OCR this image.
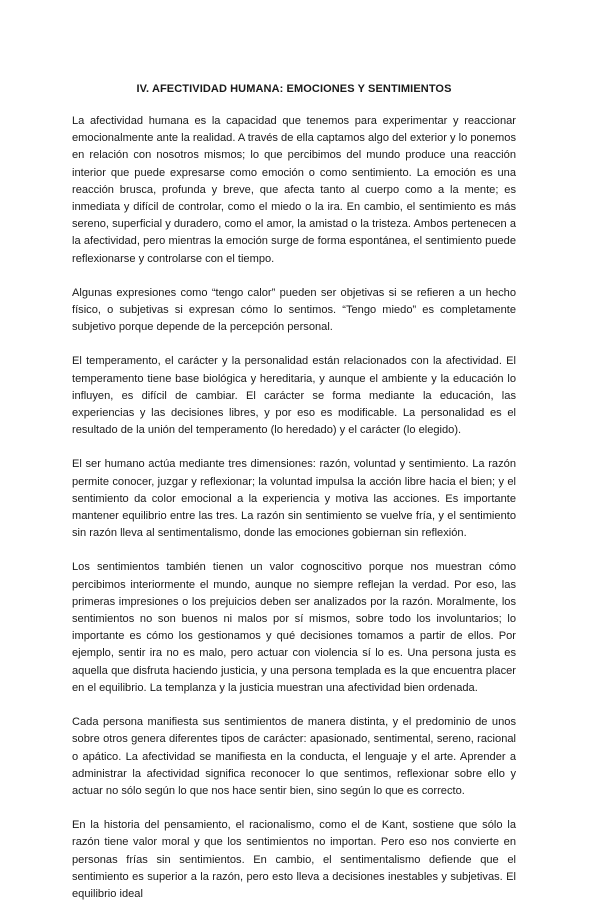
IV. AFECTIVIDAD HUMANA: EMOCIONES Y SENTIMIENTOS

La afectividad humana es la capacidad que tenemos para experimentar y reaccionar emocionalmente ante la realidad. A través de ella captamos algo del exterior y lo ponemos en relación con nosotros mismos; lo que percibimos del mundo produce una reacción interior que puede expresarse como emoción o como sentimiento. La emoción es una reacción brusca, profunda y breve, que afecta tanto al cuerpo como a la mente; es inmediata y difícil de controlar, como el miedo o la ira. En cambio, el sentimiento es más sereno, superficial y duradero, como el amor, la amistad o la tristeza. Ambos pertenecen a la afectividad, pero mientras la emoción surge de forma espontánea, el sentimiento puede reflexionarse y controlarse con el tiempo.

Algunas expresiones como “tengo calor” pueden ser objetivas si se refieren a un hecho físico, o subjetivas si expresan cómo lo sentimos. “Tengo miedo” es completamente subjetivo porque depende de la percepción personal.

El temperamento, el carácter y la personalidad están relacionados con la afectividad. El temperamento tiene base biológica y hereditaria, y aunque el ambiente y la educación lo influyen, es difícil de cambiar. El carácter se forma mediante la educación, las experiencias y las decisiones libres, y por eso es modificable. La personalidad es el resultado de la unión del temperamento (lo heredado) y el carácter (lo elegido).

El ser humano actúa mediante tres dimensiones: razón, voluntad y sentimiento. La razón permite conocer, juzgar y reflexionar; la voluntad impulsa la acción libre hacia el bien; y el sentimiento da color emocional a la experiencia y motiva las acciones. Es importante mantener equilibrio entre las tres. La razón sin sentimiento se vuelve fría, y el sentimiento sin razón lleva al sentimentalismo, donde las emociones gobiernan sin reflexión.

Los sentimientos también tienen un valor cognoscitivo porque nos muestran cómo percibimos interiormente el mundo, aunque no siempre reflejan la verdad. Por eso, las primeras impresiones o los prejuicios deben ser analizados por la razón. Moralmente, los sentimientos no son buenos ni malos por sí mismos, sobre todo los involuntarios; lo importante es cómo los gestionamos y qué decisiones tomamos a partir de ellos. Por ejemplo, sentir ira no es malo, pero actuar con violencia sí lo es. Una persona justa es aquella que disfruta haciendo justicia, y una persona templada es la que encuentra placer en el equilibrio. La templanza y la justicia muestran una afectividad bien ordenada.

Cada persona manifiesta sus sentimientos de manera distinta, y el predominio de unos sobre otros genera diferentes tipos de carácter: apasionado, sentimental, sereno, racional o apático. La afectividad se manifiesta en la conducta, el lenguaje y el arte. Aprender a administrar la afectividad significa reconocer lo que sentimos, reflexionar sobre ello y actuar no sólo según lo que nos hace sentir bien, sino según lo que es correcto.

En la historia del pensamiento, el racionalismo, como el de Kant, sostiene que sólo la razón tiene valor moral y que los sentimientos no importan. Pero eso nos convierte en personas frías sin sentimientos. En cambio, el sentimentalismo defiende que el sentimiento es superior a la razón, pero esto lleva a decisiones inestables y subjetivas. El equilibrio ideal
